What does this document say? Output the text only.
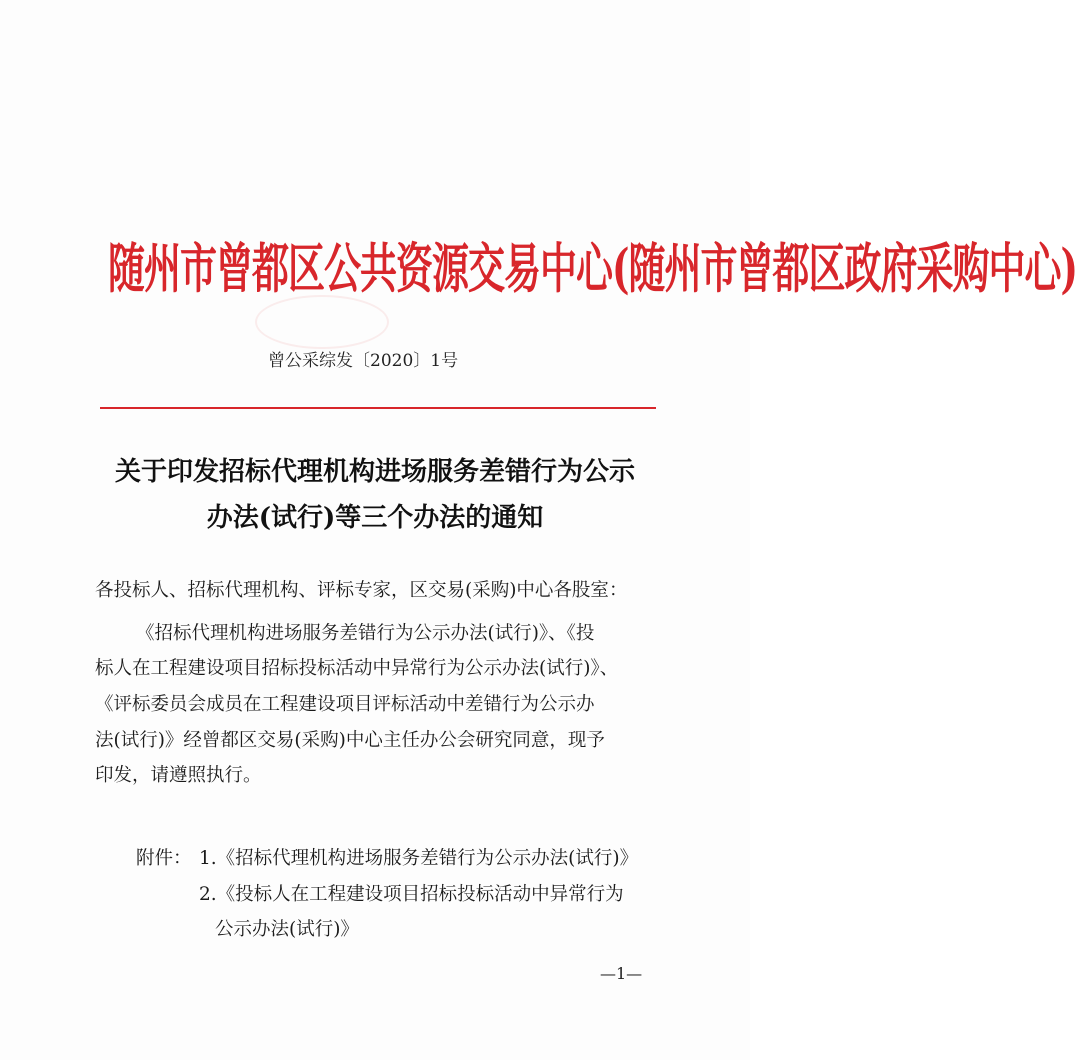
随州市曾都区公共资源交易中心(随州市曾都区政府采购中心)
曾公采综发〔2020〕1号
关于印发招标代理机构进场服务差错行为公示
办法(试行)等三个办法的通知
各投标人、招标代理机构、评标专家，区交易(采购)中心各股室：
《招标代理机构进场服务差错行为公示办法(试行)》、《投
标人在工程建设项目招标投标活动中异常行为公示办法(试行)》、
《评标委员会成员在工程建设项目评标活动中差错行为公示办
法(试行)》经曾都区交易(采购)中心主任办公会研究同意，现予
印发，请遵照执行。
附件： 1.《招标代理机构进场服务差错行为公示办法(试行)》
2.《投标人在工程建设项目招标投标活动中异常行为
公示办法(试行)》
—1—
